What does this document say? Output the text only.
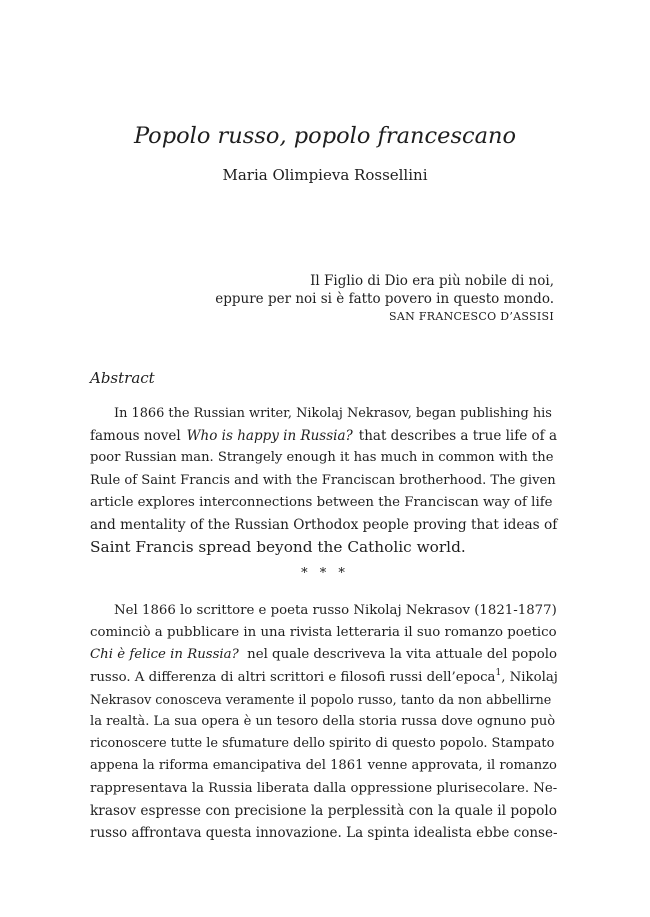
Popolo russo, popolo francescano
Maria Olimpieva Rossellini
Il Figlio di Dio era più nobile di noi,
eppure per noi si è fatto povero in questo mondo.
SAN FRANCESCO D’ASSISI
Abstract
In 1866 the Russian writer, Nikolaj Nekrasov, began publishing his
famous novel Who is happy in Russia? that describes a true life of a
poor Russian man. Strangely enough it has much in common with the
Rule of Saint Francis and with the Franciscan brotherhood. The given
article explores interconnections between the Franciscan way of life
and mentality of the Russian Orthodox people proving that ideas of
Saint Francis spread beyond the Catholic world.
* * *
Nel 1866 lo scrittore e poeta russo Nikolaj Nekrasov (1821-1877)
cominciò a pubblicare in una rivista letteraria il suo romanzo poetico
Chi è felice in Russia? nel quale descriveva la vita attuale del popolo
russo. A differenza di altri scrittori e filosofi russi dell’epoca$^1$ , Nikolaj
Nekrasov conosceva veramente il popolo russo, tanto da non abbellirne
la realtà. La sua opera è un tesoro della storia russa dove ognuno può
riconoscere tutte le sfumature dello spirito di questo popolo. Stampato
appena la riforma emancipativa del 1861 venne approvata, il romanzo
rappresentava la Russia liberata dalla oppressione plurisecolare. Ne-
krasov espresse con precisione la perplessità con la quale il popolo
russo affrontava questa innovazione. La spinta idealista ebbe conse-
